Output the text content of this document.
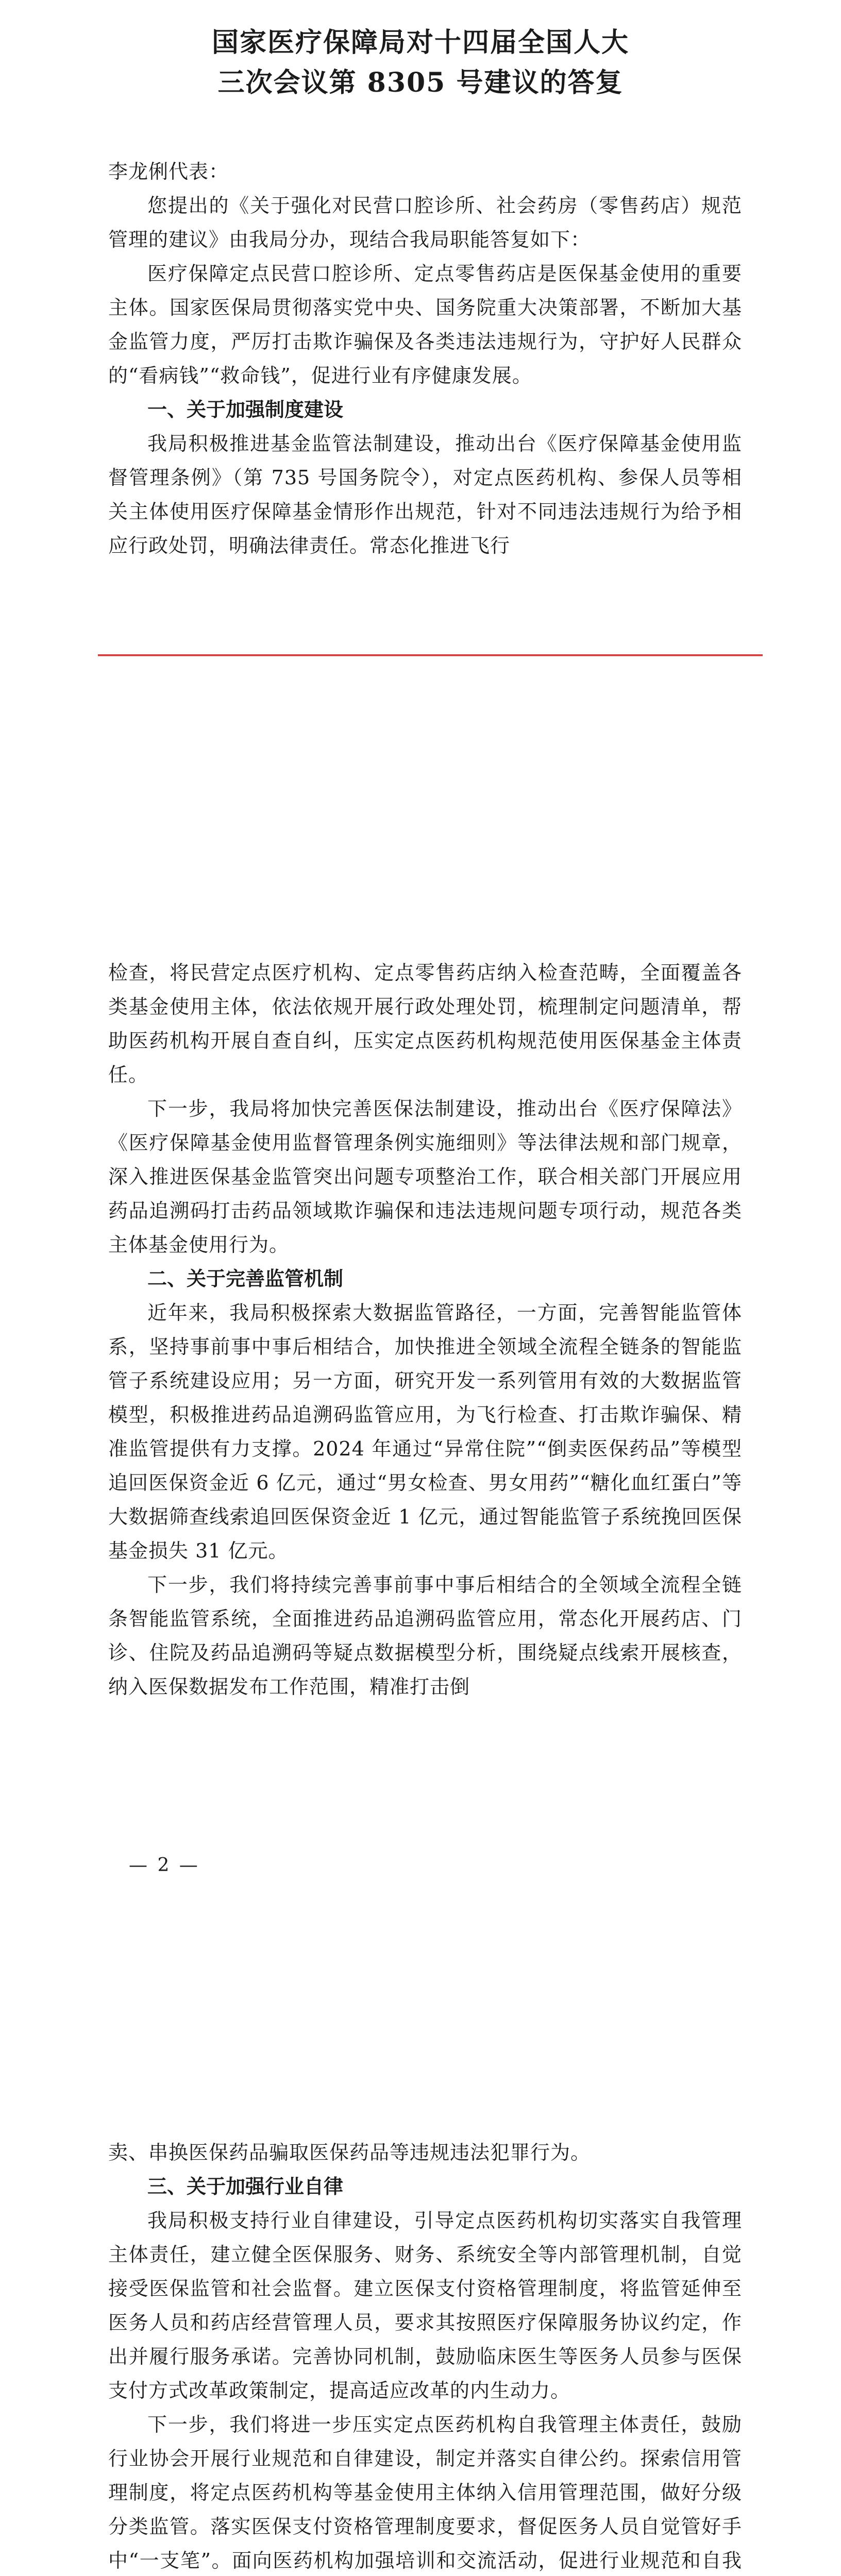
国家医疗保障局对十四届全国人大
三次会议第 8305 号建议的答复

李龙俐代表：

您提出的《关于强化对民营口腔诊所、社会药房（零售药店）规范管理的建议》由我局分办，现结合我局职能答复如下：

医疗保障定点民营口腔诊所、定点零售药店是医保基金使用的重要主体。国家医保局贯彻落实党中央、国务院重大决策部署，不断加大基金监管力度，严厉打击欺诈骗保及各类违法违规行为，守护好人民群众的“看病钱”“救命钱”，促进行业有序健康发展。

一、关于加强制度建设

我局积极推进基金监管法制建设，推动出台《医疗保障基金使用监督管理条例》（第 735 号国务院令），对定点医药机构、参保人员等相关主体使用医疗保障基金情形作出规范，针对不同违法违规行为给予相应行政处罚，明确法律责任。常态化推进飞行

检查，将民营定点医疗机构、定点零售药店纳入检查范畴，全面覆盖各类基金使用主体，依法依规开展行政处理处罚，梳理制定问题清单，帮助医药机构开展自查自纠，压实定点医药机构规范使用医保基金主体责任。

下一步，我局将加快完善医保法制建设，推动出台《医疗保障法》《医疗保障基金使用监督管理条例实施细则》等法律法规和部门规章，深入推进医保基金监管突出问题专项整治工作，联合相关部门开展应用药品追溯码打击药品领域欺诈骗保和违法违规问题专项行动，规范各类主体基金使用行为。

二、关于完善监管机制

近年来，我局积极探索大数据监管路径，一方面，完善智能监管体系，坚持事前事中事后相结合，加快推进全领域全流程全链条的智能监管子系统建设应用；另一方面，研究开发一系列管用有效的大数据监管模型，积极推进药品追溯码监管应用，为飞行检查、打击欺诈骗保、精准监管提供有力支撑。2024 年通过“异常住院”“倒卖医保药品”等模型追回医保资金近 6 亿元，通过“男女检查、男女用药”“糖化血红蛋白”等大数据筛查线索追回医保资金近 1 亿元，通过智能监管子系统挽回医保基金损失 31 亿元。

下一步，我们将持续完善事前事中事后相结合的全领域全流程全链条智能监管系统，全面推进药品追溯码监管应用，常态化开展药店、门诊、住院及药品追溯码等疑点数据模型分析，围绕疑点线索开展核查，纳入医保数据发布工作范围，精准打击倒

— 2 —

卖、串换医保药品骗取医保药品等违规违法犯罪行为。

三、关于加强行业自律

我局积极支持行业自律建设，引导定点医药机构切实落实自我管理主体责任，建立健全医保服务、财务、系统安全等内部管理机制，自觉接受医保监管和社会监督。建立医保支付资格管理制度，将监管延伸至医务人员和药店经营管理人员，要求其按照医疗保障服务协议约定，作出并履行服务承诺。完善协同机制，鼓励临床医生等医务人员参与医保支付方式改革政策制定，提高适应改革的内生动力。

下一步，我们将进一步压实定点医药机构自我管理主体责任，鼓励行业协会开展行业规范和自律建设，制定并落实自律公约。探索信用管理制度，将定点医药机构等基金使用主体纳入信用管理范围，做好分级分类监管。落实医保支付资格管理制度要求，督促医务人员自觉管好手中“一支笔”。面向医药机构加强培训和交流活动，促进行业规范和自我
